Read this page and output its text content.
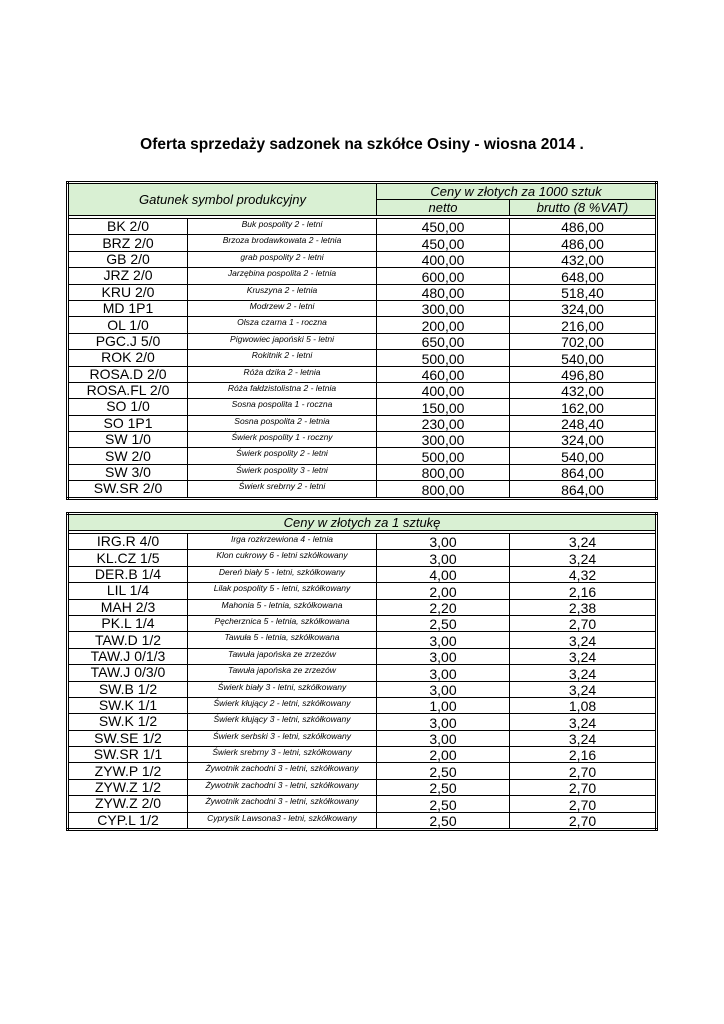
Oferta sprzedaży sadzonek na szkółce Osiny - wiosna 2014 .
Gatunek symbol produkcyjny		Ceny w złotych za 1000 sztuk	
		netto	brutto (8 %VAT)

BK 2/0	Buk pospolity 2 - letni	450,00	486,00
BRZ 2/0	Brzoza brodawkowata 2 - letnia	450,00	486,00
GB 2/0	grab pospolity 2 - letni	400,00	432,00
JRZ 2/0	Jarzębina pospolita 2 - letnia	600,00	648,00
KRU 2/0	Kruszyna 2 - letnia	480,00	518,40
MD 1P1	Modrzew 2 - letni	300,00	324,00
OL 1/0	Olsza czarna 1 - roczna	200,00	216,00
PGC.J 5/0	Pigwowiec japoński 5 - letni	650,00	702,00
ROK 2/0	Rokitnik 2 - letni	500,00	540,00
ROSA.D 2/0	Róża dzika 2 - letnia	460,00	496,80
ROSA.FL 2/0	Róża fałdzistolistna 2 - letnia	400,00	432,00
SO 1/0	Sosna pospolita 1 - roczna	150,00	162,00
SO 1P1	Sosna pospolita 2 - letnia	230,00	248,40
SW 1/0	Świerk pospolity 1 - roczny	300,00	324,00
SW 2/0	Świerk pospolity 2 - letni	500,00	540,00
SW 3/0	Świerk pospolity 3 - letni	800,00	864,00
SW.SR 2/0	Świerk srebrny 2 - letni	800,00	864,00
Ceny w złotych za 1 sztukę			

IRG.R 4/0	Irga rozkrzewiona 4 - letnia	3,00	3,24
KL.CZ 1/5	Klon cukrowy 6 - letni szkółkowany	3,00	3,24
DER.B 1/4	Dereń biały 5 - letni, szkółkowany	4,00	4,32
LIL 1/4	Lilak pospolity 5 - letni, szkółkowany	2,00	2,16
MAH 2/3	Mahonia 5 - letnia, szkółkowana	2,20	2,38
PK.L 1/4	Pęcherznica 5 - letnia, szkółkowana	2,50	2,70
TAW.D 1/2	Tawuła 5 - letnia, szkółkowana	3,00	3,24
TAW.J 0/1/3	Tawuła japońska ze zrzezów	3,00	3,24
TAW.J 0/3/0	Tawuła japońska ze zrzezów	3,00	3,24
SW.B 1/2	Świerk biały 3 - letni, szkółkowany	3,00	3,24
SW.K 1/1	Świerk kłujący 2 - letni, szkółkowany	1,00	1,08
SW.K 1/2	Świerk kłujący 3 - letni, szkółkowany	3,00	3,24
SW.SE 1/2	Świerk serbski 3 - letni, szkółkowany	3,00	3,24
SW.SR 1/1	Świerk srebrny 3 - letni, szkółkowany	2,00	2,16
ZYW.P 1/2	Żywotnik zachodni 3 - letni, szkółkowany	2,50	2,70
ZYW.Z 1/2	Żywotnik zachodni 3 - letni, szkółkowany	2,50	2,70
ZYW.Z 2/0	Żywotnik zachodni 3 - letni, szkółkowany	2,50	2,70
CYP.L 1/2	Cyprysik Lawsona3 - letni, szkółkowany	2,50	2,70
